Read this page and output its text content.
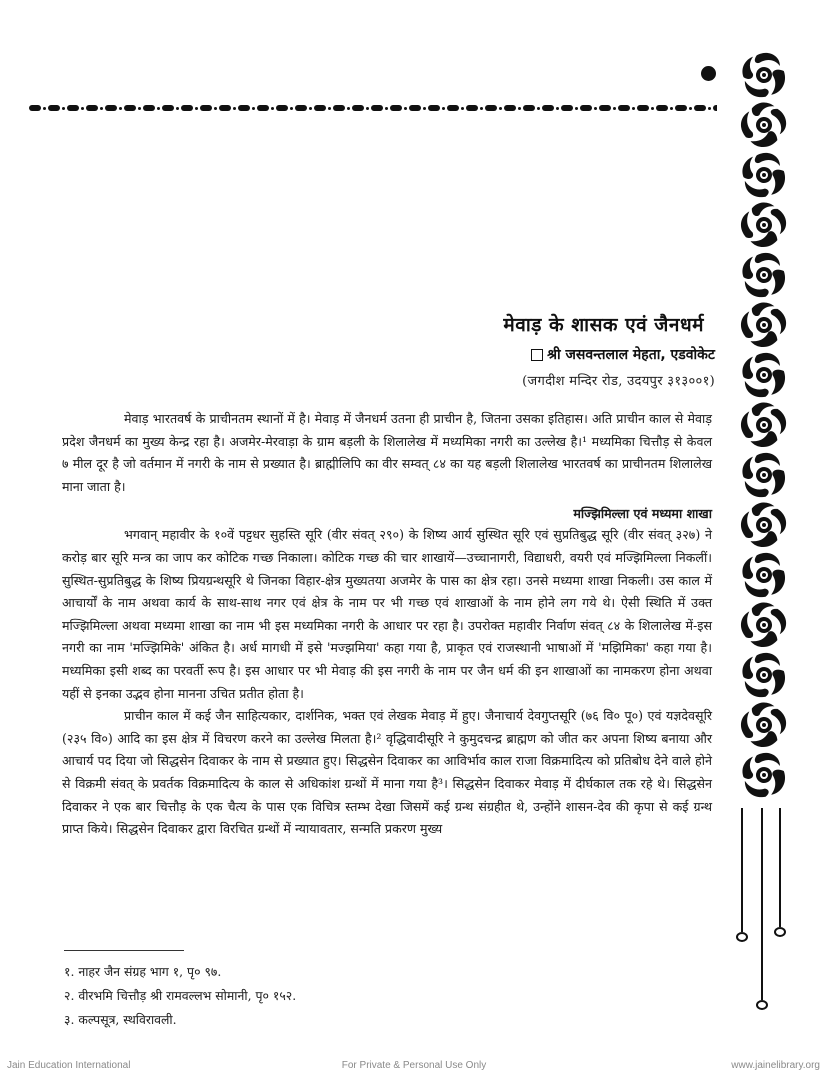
मेवाड़ के शासक एवं जैनधर्म
श्री जसवन्तलाल मेहता, एडवोकेट
(जगदीश मन्दिर रोड, उदयपुर ३१३००१)

मेवाड़ भारतवर्ष के प्राचीनतम स्थानों में है। मेवाड़ में जैनधर्म उतना ही प्राचीन है, जितना उसका इतिहास। अति प्राचीन काल से मेवाड़ प्रदेश जैनधर्म का मुख्य केन्द्र रहा है। अजमेर-मेरवाड़ा के ग्राम बड़ली के शिलालेख में मध्यमिका नगरी का उल्लेख है।¹ मध्यमिका चित्तौड़ से केवल ७ मील दूर है जो वर्तमान में नगरी के नाम से प्रख्यात है। ब्राह्मीलिपि का वीर सम्वत् ८४ का यह बड़ली शिलालेख भारतवर्ष का प्राचीनतम शिलालेख माना जाता है।

मज्झिमिल्ला एवं मध्यमा शाखा

भगवान् महावीर के १०वें पट्टधर सुहस्ति सूरि (वीर संवत् २९०) के शिष्य आर्य सुस्थित सूरि एवं सुप्रतिबुद्ध सूरि (वीर संवत् ३२७) ने करोड़ बार सूरि मन्त्र का जाप कर कोटिक गच्छ निकाला। कोटिक गच्छ की चार शाखायें—उच्चानागरी, विद्याधरी, वयरी एवं मज्झिमिल्ला निकलीं। सुस्थित-सुप्रतिबुद्ध के शिष्य प्रियग्रन्थसूरि थे जिनका विहार-क्षेत्र मुख्यतया अजमेर के पास का क्षेत्र रहा। उनसे मध्यमा शाखा निकली। उस काल में आचार्यों के नाम अथवा कार्य के साथ-साथ नगर एवं क्षेत्र के नाम पर भी गच्छ एवं शाखाओं के नाम होने लग गये थे। ऐसी स्थिति में उक्त मज्झिमिल्ला अथवा मध्यमा शाखा का नाम भी इस मध्यमिका नगरी के आधार पर रहा है। उपरोक्त महावीर निर्वाण संवत् ८४ के शिलालेख में-इस नगरी का नाम 'मज्झिमिके' अंकित है। अर्ध मागधी में इसे 'मज्झमिया' कहा गया है, प्राकृत एवं राजस्थानी भाषाओं में 'मझिमिका' कहा गया है। मध्यमिका इसी शब्द का परवर्ती रूप है। इस आधार पर भी मेवाड़ की इस नगरी के नाम पर जैन धर्म की इन शाखाओं का नामकरण होना अथवा यहीं से इनका उद्भव होना मानना उचित प्रतीत होता है।

प्राचीन काल में कई जैन साहित्यकार, दार्शनिक, भक्त एवं लेखक मेवाड़ में हुए। जैनाचार्य देवगुप्तसूरि (७६ वि० पू०) एवं यज्ञदेवसूरि (२३५ वि०) आदि का इस क्षेत्र में विचरण करने का उल्लेख मिलता है।² वृद्धिवादीसूरि ने कुमुदचन्द्र ब्राह्मण को जीत कर अपना शिष्य बनाया और आचार्य पद दिया जो सिद्धसेन दिवाकर के नाम से प्रख्यात हुए। सिद्धसेन दिवाकर का आविर्भाव काल राजा विक्रमादित्य को प्रतिबोध देने वाले होने से विक्रमी संवत् के प्रवर्तक विक्रमादित्य के काल से अधिकांश ग्रन्थों में माना गया है³। सिद्धसेन दिवाकर मेवाड़ में दीर्घकाल तक रहे थे। सिद्धसेन दिवाकर ने एक बार चित्तौड़ के एक चैत्य के पास एक विचित्र स्तम्भ देखा जिसमें कई ग्रन्थ संग्रहीत थे, उन्होंने शासन-देव की कृपा से कई ग्रन्थ प्राप्त किये। सिद्धसेन दिवाकर द्वारा विरचित ग्रन्थों में न्यायावतार, सन्मति प्रकरण मुख्य

१. नाहर जैन संग्रह भाग १, पृ० ९७.
२. वीरभमि चित्तौड़ श्री रामवल्लभ सोमानी, पृ० १५२.
३. कल्पसूत्र, स्थविरावली.
Jain Education International	For Private & Personal Use Only	www.jainelibrary.org
